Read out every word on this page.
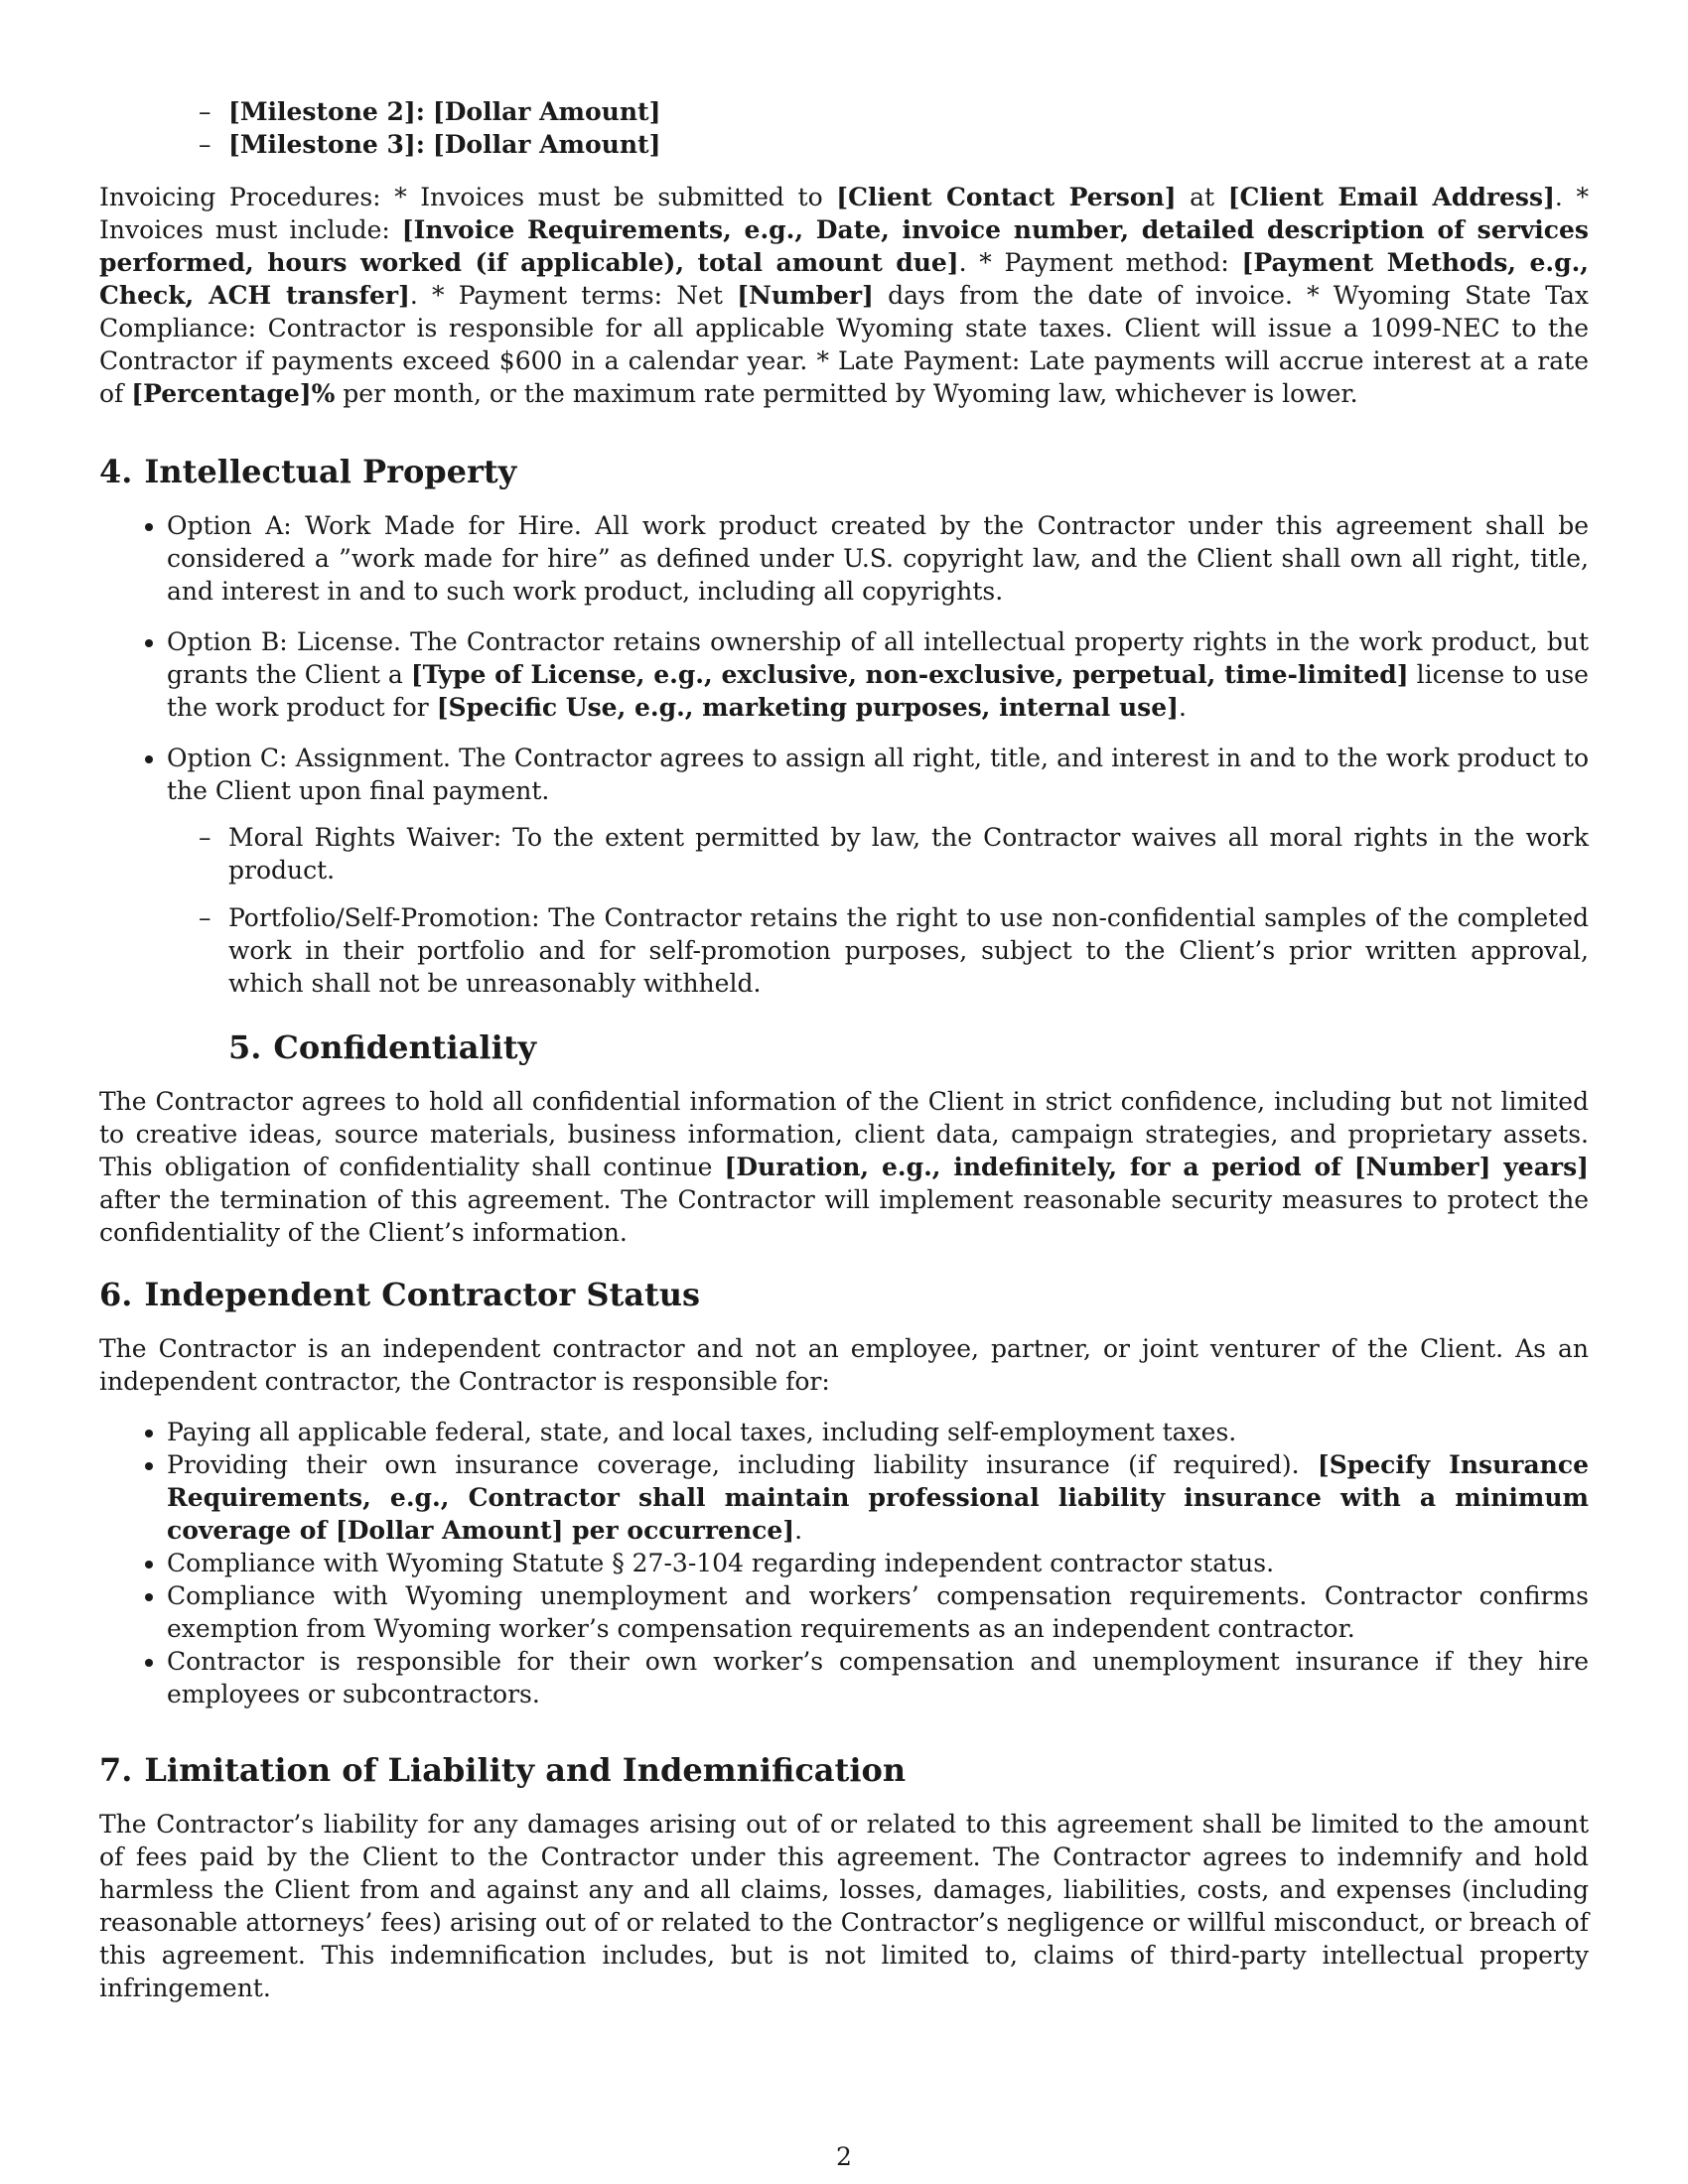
– [Milestone 2]: [Dollar Amount]
– [Milestone 3]: [Dollar Amount]

Invoicing Procedures: * Invoices must be submitted to [Client Contact Person] at [Client Email Address]. * Invoices must include: [Invoice Requirements, e.g., Date, invoice number, detailed description of services performed, hours worked (if applicable), total amount due]. * Payment method: [Payment Methods, e.g., Check, ACH transfer]. * Payment terms: Net [Number] days from the date of invoice. * Wyoming State Tax Compliance: Contractor is responsible for all applicable Wyoming state taxes. Client will issue a 1099-NEC to the Contractor if payments exceed $600 in a calendar year. * Late Payment: Late payments will accrue interest at a rate of [Percentage]% per month, or the maximum rate permitted by Wyoming law, whichever is lower.

4. Intellectual Property
• Option A: Work Made for Hire. All work product created by the Contractor under this agreement shall be considered a ”work made for hire” as defined under U.S. copyright law, and the Client shall own all right, title, and interest in and to such work product, including all copyrights.
• Option B: License. The Contractor retains ownership of all intellectual property rights in the work product, but grants the Client a [Type of License, e.g., exclusive, non-exclusive, perpetual, time-limited] license to use the work product for [Specific Use, e.g., marketing purposes, internal use].
• Option C: Assignment. The Contractor agrees to assign all right, title, and interest in and to the work product to the Client upon final payment.
– Moral Rights Waiver: To the extent permitted by law, the Contractor waives all moral rights in the work product.
– Portfolio/Self-Promotion: The Contractor retains the right to use non-confidential samples of the completed work in their portfolio and for self-promotion purposes, subject to the Client’s prior written approval, which shall not be unreasonably withheld.
5. Confidentiality

The Contractor agrees to hold all confidential information of the Client in strict confidence, including but not limited to creative ideas, source materials, business information, client data, campaign strategies, and proprietary assets. This obligation of confidentiality shall continue [Duration, e.g., indefinitely, for a period of [Number] years] after the termination of this agreement. The Contractor will implement reasonable security measures to protect the confidentiality of the Client’s information.

6. Independent Contractor Status

The Contractor is an independent contractor and not an employee, partner, or joint venturer of the Client. As an independent contractor, the Contractor is responsible for:

• Paying all applicable federal, state, and local taxes, including self-employment taxes.
• Providing their own insurance coverage, including liability insurance (if required). [Specify Insurance Requirements, e.g., Contractor shall maintain professional liability insurance with a minimum coverage of [Dollar Amount] per occurrence].
• Compliance with Wyoming Statute § 27-3-104 regarding independent contractor status.
• Compliance with Wyoming unemployment and workers’ compensation requirements. Contractor confirms exemption from Wyoming worker’s compensation requirements as an independent contractor.
• Contractor is responsible for their own worker’s compensation and unemployment insurance if they hire employees or subcontractors.
7. Limitation of Liability and Indemnification

The Contractor’s liability for any damages arising out of or related to this agreement shall be limited to the amount of fees paid by the Client to the Contractor under this agreement. The Contractor agrees to indemnify and hold harmless the Client from and against any and all claims, losses, damages, liabilities, costs, and expenses (including reasonable attorneys’ fees) arising out of or related to the Contractor’s negligence or willful misconduct, or breach of this agreement. This indemnification includes, but is not limited to, claims of third-party intellectual property infringement.

2
